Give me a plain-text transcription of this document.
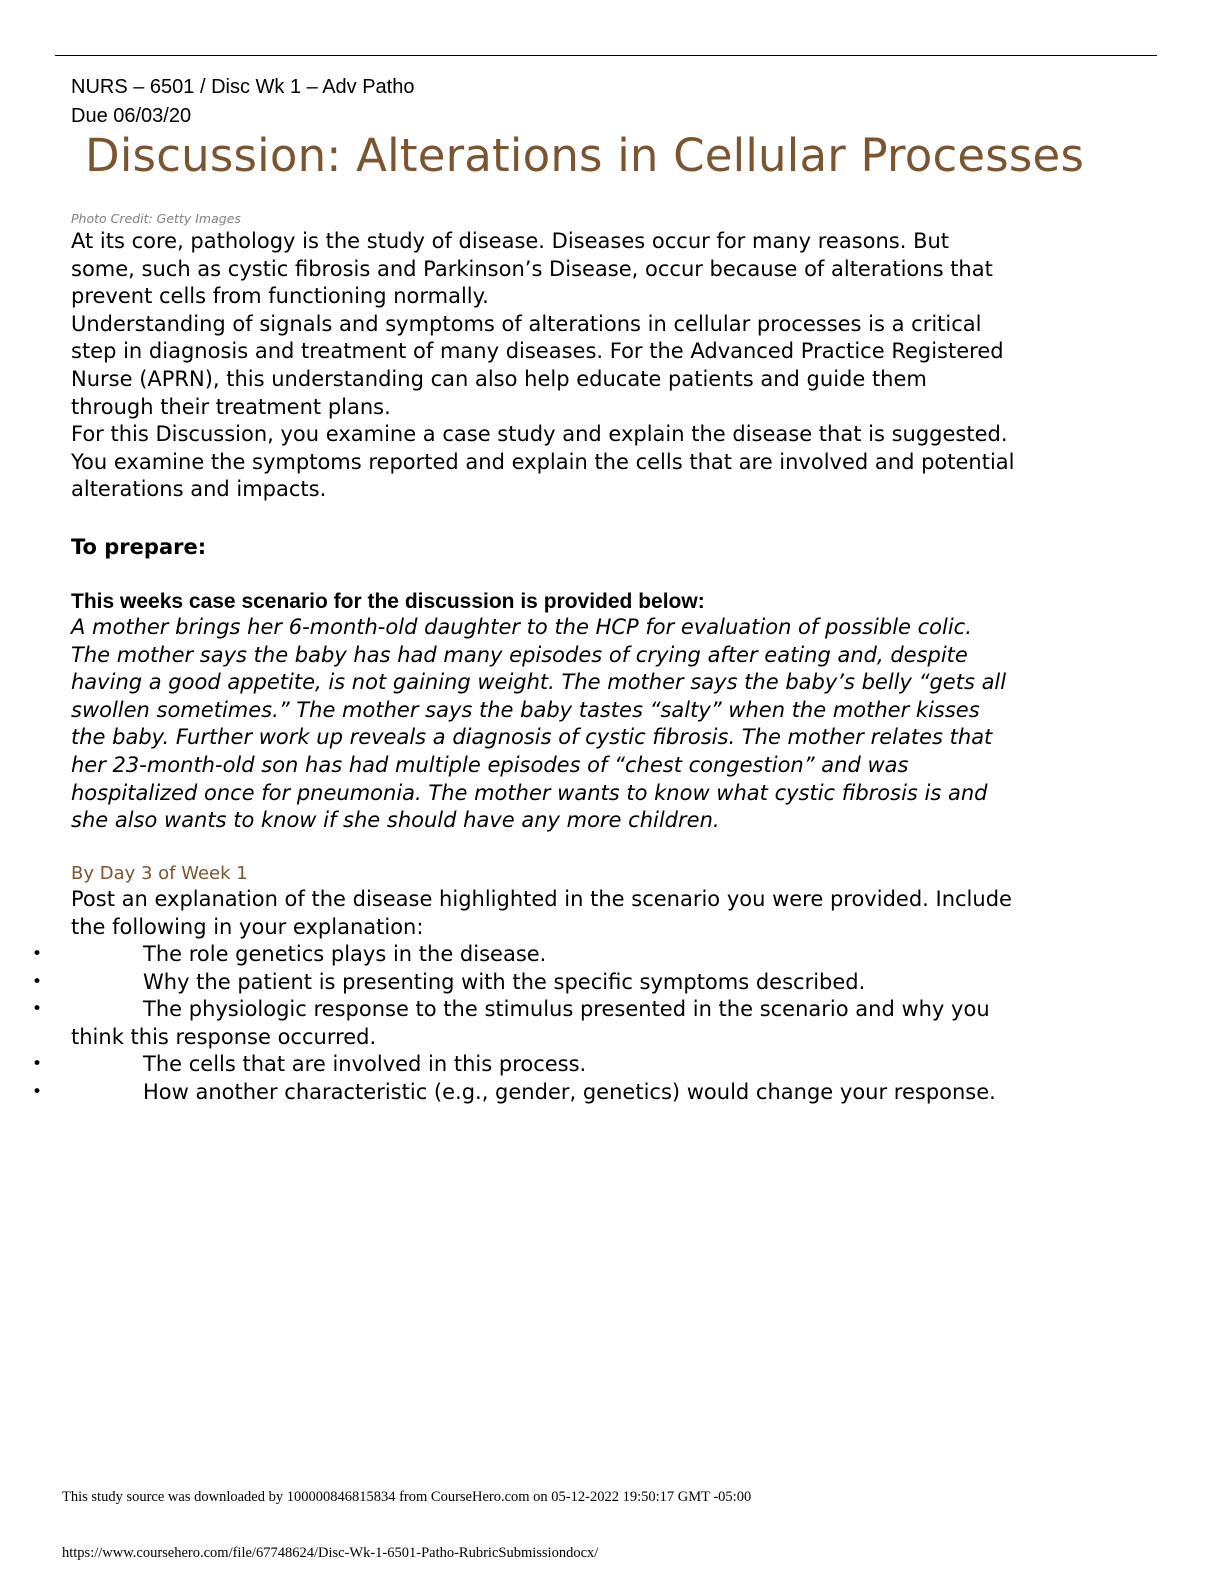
NURS – 6501 / Disc Wk 1 – Adv Patho
Due 06/03/20
Discussion: Alterations in Cellular Processes
Photo Credit: Getty Images
At its core, pathology is the study of disease. Diseases occur for many reasons. But
some, such as cystic fibrosis and Parkinson’s Disease, occur because of alterations that
prevent cells from functioning normally.
Understanding of signals and symptoms of alterations in cellular processes is a critical
step in diagnosis and treatment of many diseases. For the Advanced Practice Registered
Nurse (APRN), this understanding can also help educate patients and guide them
through their treatment plans.
For this Discussion, you examine a case study and explain the disease that is suggested.
You examine the symptoms reported and explain the cells that are involved and potential
alterations and impacts.
To prepare:
This weeks case scenario for the discussion is provided below:
A mother brings her 6-month-old daughter to the HCP for evaluation of possible colic.
The mother says the baby has had many episodes of crying after eating and, despite
having a good appetite, is not gaining weight. The mother says the baby’s belly “gets all
swollen sometimes.” The mother says the baby tastes “salty” when the mother kisses
the baby. Further work up reveals a diagnosis of cystic fibrosis. The mother relates that
her 23-month-old son has had multiple episodes of “chest congestion” and was
hospitalized once for pneumonia. The mother wants to know what cystic fibrosis is and
she also wants to know if she should have any more children.
By Day 3 of Week 1
Post an explanation of the disease highlighted in the scenario you were provided. Include
the following in your explanation:
•	The role genetics plays in the disease.
•	Why the patient is presenting with the specific symptoms described.
•	The physiologic response to the stimulus presented in the scenario and why you
think this response occurred.
•	The cells that are involved in this process.
•	How another characteristic (e.g., gender, genetics) would change your response.
This study source was downloaded by 100000846815834 from CourseHero.com on 05-12-2022 19:50:17 GMT -05:00
https://www.coursehero.com/file/67748624/Disc-Wk-1-6501-Patho-RubricSubmissiondocx/
